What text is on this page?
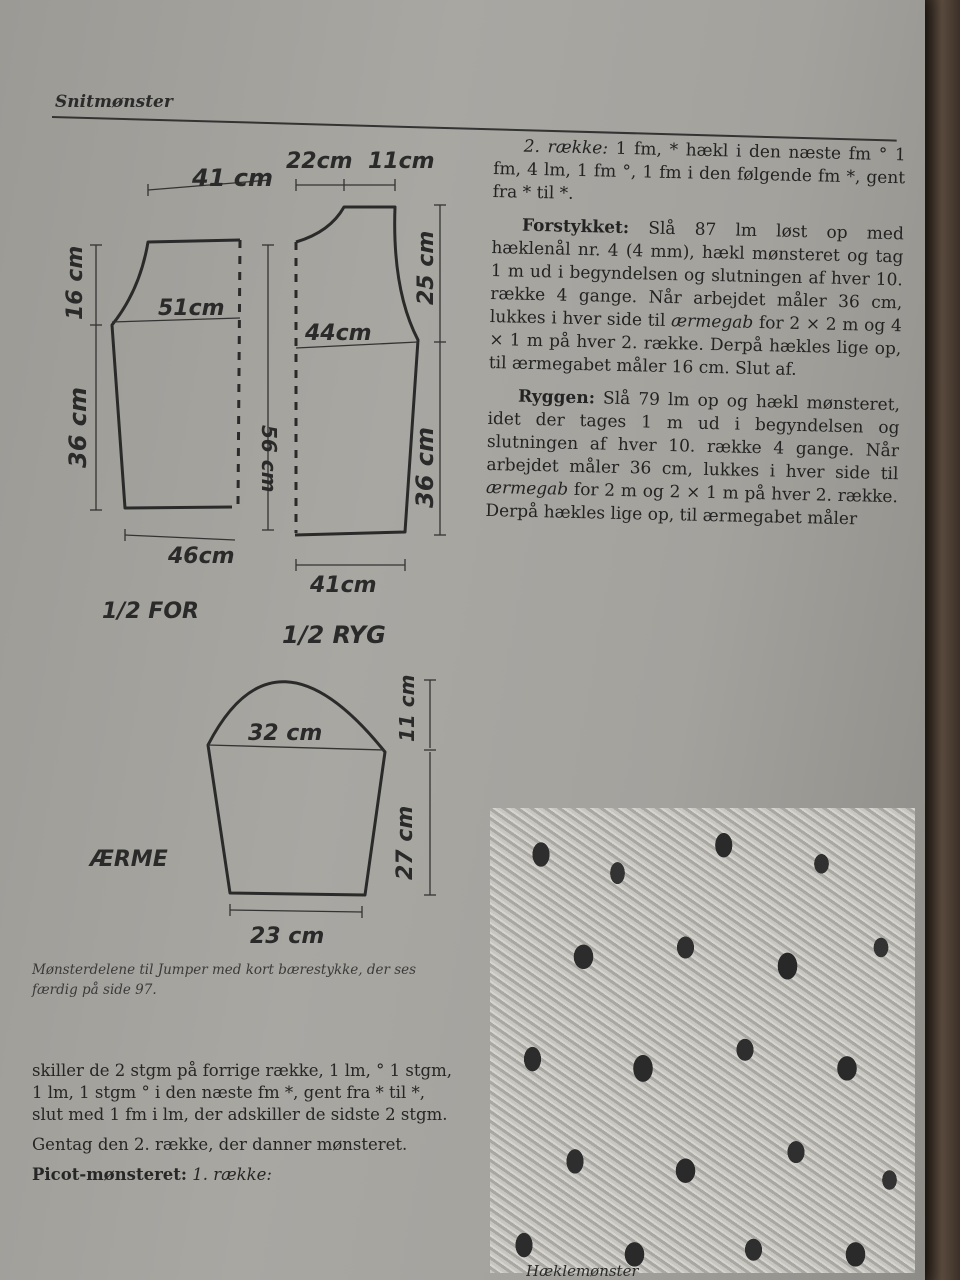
Snitmønster
41 cm
51cm
46cm
16 cm
36 cm	56 cm
1/2 FOR
22cm 11cm
44cm
41cm
25 cm
36 cm
1/2 RYG
32 cm	11 cm
27 cm
23 cm
ÆRME
Mønsterdelene til Jumper med kort bærestykke, der ses færdig på side 97.

skiller de 2 stgm på forrige række, 1 lm, ° 1 stgm, 1 lm, 1 stgm ° i den næste fm *, gent fra * til *, slut med 1 fm i lm, der adskiller de sidste 2 stgm.

Gentag den 2. række, der danner mønsteret.

Picot-mønsteret: 1. række:

2. række: 1 fm, * hækl i den næste fm ° 1 fm, 4 lm, 1 fm °, 1 fm i den følgende fm *, gent fra * til *.

Forstykket: Slå 87 lm løst op med hæklenål nr. 4 (4 mm), hækl mønsteret og tag 1 m ud i begyndelsen og slutningen af hver 10. række 4 gange. Når arbejdet måler 36 cm, lukkes i hver side til ærmegab for 2 × 2 m og 4 × 1 m på hver 2. række. Derpå hækles lige op, til ærmegabet måler 16 cm. Slut af.

Ryggen: Slå 79 lm op og hækl mønsteret, idet der tages 1 m ud i begyndelsen og slutningen af hver 10. række 4 gange. Når arbejdet måler 36 cm, lukkes i hver side til ærmegab for 2 m og 2 × 1 m på hver 2. række. Derpå hækles lige op, til ærmegabet måler

Hæklemønster
